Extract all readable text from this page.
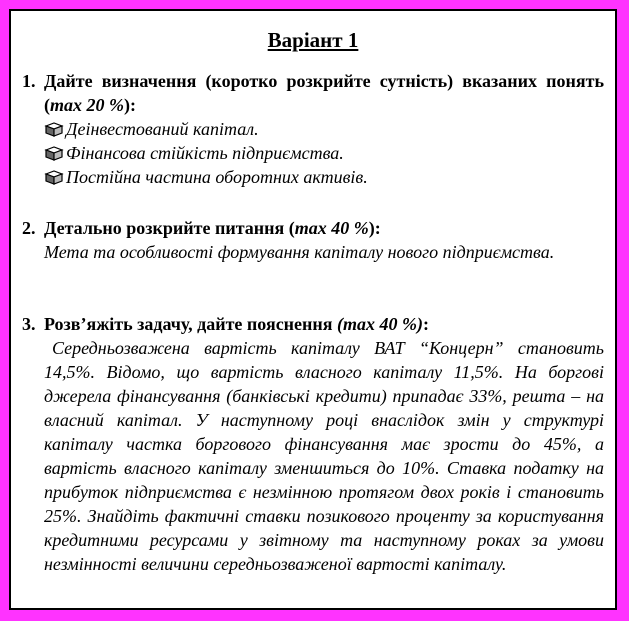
Варіант 1
1. Дайте визначення (коротко розкрийте сутність) вказаних понять (max 20 %):
Деінвестований капітал.
Фінансова стійкість підприємства.
Постійна частина оборотних активів.
2. Детально розкрийте питання (max 40 %):
Мета та особливості формування капіталу нового підприємства.
3. Розв’яжіть задачу, дайте пояснення (max 40 %):
Середньозважена вартість капіталу ВАТ “Концерн” становить 14,5%. Відомо, що вартість власного капіталу 11,5%. На боргові джерела фінансування (банківські кредити) припадає 33%, решта – на власний капітал. У наступному році внаслідок змін у структурі капіталу частка боргового фінансування має зрости до 45%, а вартість власного капіталу зменшиться до 10%. Ставка податку на прибуток підприємства є незмінною протягом двох років і становить 25%. Знайдіть фактичні ставки позикового проценту за користування кредитними ресурсами у звітному та наступному роках за умови незмінності величини середньозваженої вартості капіталу.
